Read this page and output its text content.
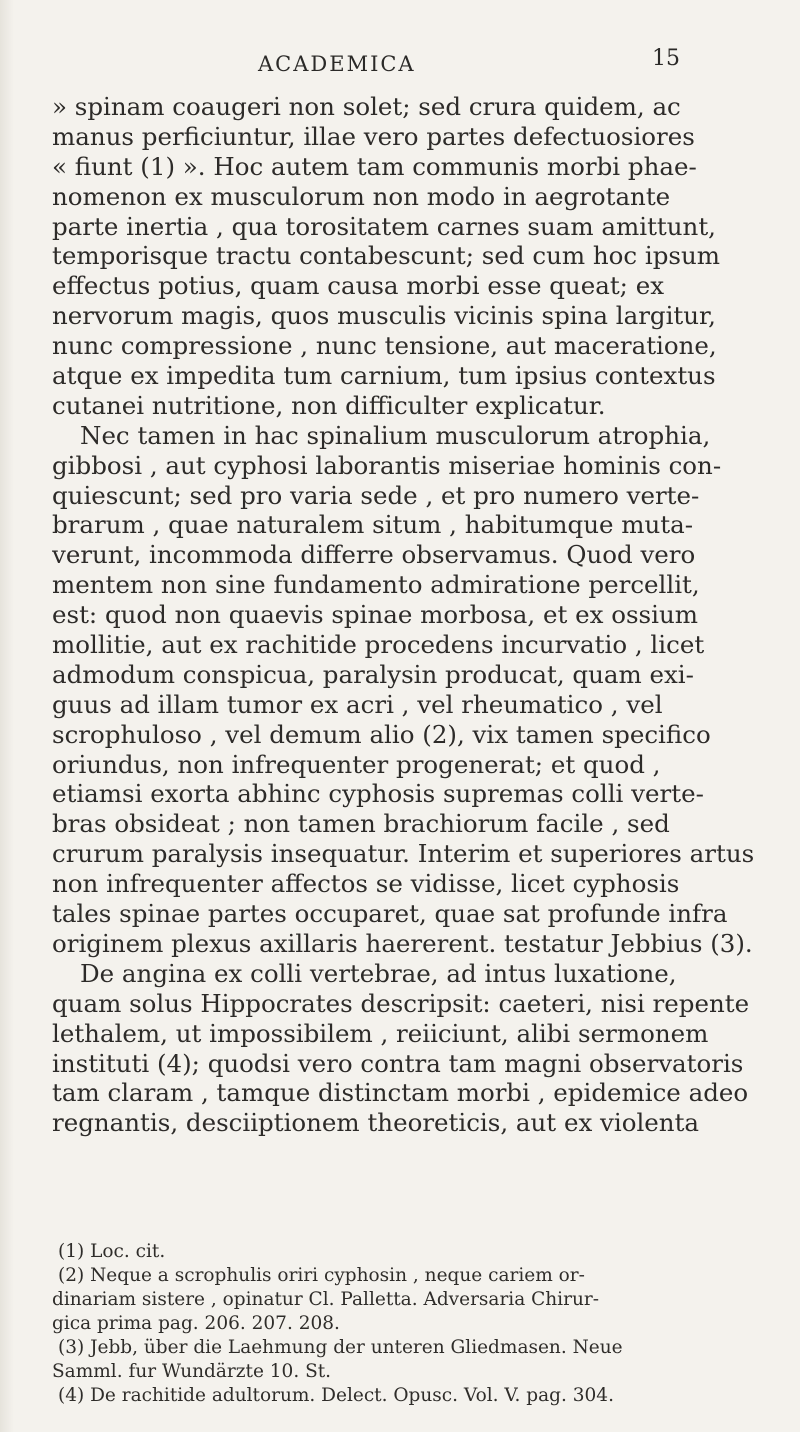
ACADEMICA	15
» spinam coaugeri non solet; sed crura quidem, ac
manus perficiuntur, illae vero partes defectuosiores
« fiunt (1) ». Hoc autem tam communis morbi phae-
nomenon ex musculorum non modo in aegrotante
parte inertia , qua torositatem carnes suam amittunt,
temporisque tractu contabescunt; sed cum hoc ipsum
effectus potius, quam causa morbi esse queat; ex
nervorum magis, quos musculis vicinis spina largitur,
nunc compressione , nunc tensione, aut maceratione,
atque ex impedita tum carnium, tum ipsius contextus
cutanei nutritione, non difficulter explicatur.
Nec tamen in hac spinalium musculorum atrophia,
gibbosi , aut cyphosi laborantis miseriae hominis con-
quiescunt; sed pro varia sede , et pro numero verte-
brarum , quae naturalem situm , habitumque muta-
verunt, incommoda differre observamus. Quod vero
mentem non sine fundamento admiratione percellit,
est: quod non quaevis spinae morbosa, et ex ossium
mollitie, aut ex rachitide procedens incurvatio , licet
admodum conspicua, paralysin producat, quam exi-
guus ad illam tumor ex acri , vel rheumatico , vel
scrophuloso , vel demum alio (2), vix tamen specifico
oriundus, non infrequenter progenerat; et quod ,
etiamsi exorta abhinc cyphosis supremas colli verte-
bras obsideat ; non tamen brachiorum facile , sed
crurum paralysis insequatur. Interim et superiores artus
non infrequenter affectos se vidisse, licet cyphosis
tales spinae partes occuparet, quae sat profunde infra
originem plexus axillaris haererent. testatur Jebbius (3).
De angina ex colli vertebrae, ad intus luxatione,
quam solus Hippocrates descripsit: caeteri, nisi repente
lethalem, ut impossibilem , reiiciunt, alibi sermonem
instituti (4); quodsi vero contra tam magni observatoris
tam claram , tamque distinctam morbi , epidemice adeo
regnantis, desciiptionem theoreticis, aut ex violenta
(1) Loc. cit.
(2) Neque a scrophulis oriri cyphosin , neque cariem or-
dinariam sistere , opinatur Cl. Palletta. Adversaria Chirur-
gica prima pag. 206. 207. 208.
(3) Jebb, über die Laehmung der unteren Gliedmasen. Neue
Samml. fur Wundärzte 10. St.
(4) De rachitide adultorum. Delect. Opusc. Vol. V. pag. 304.
